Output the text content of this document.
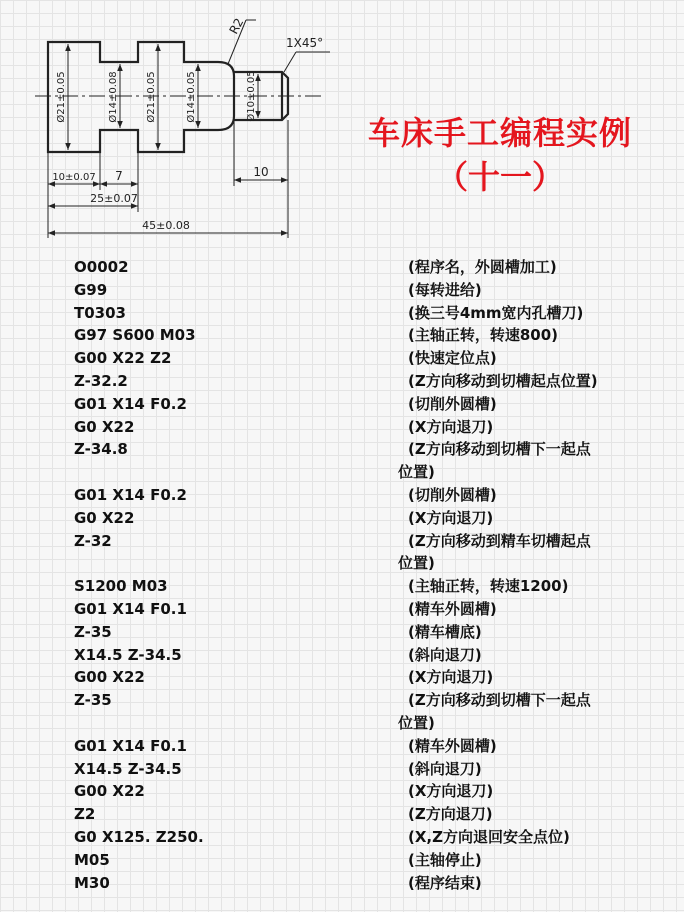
Ø21±0.05	Ø14±0.08	Ø21±0.05	Ø14±0.05	Ø10±0.05
R2
1X45°
10±0.07 7	10
25±0.07
45±0.08
车床手工编程实例
（十一）
O0002	(程序名，外圆槽加工)
G99	(每转进给)
T0303	(换三号4mm宽内孔槽刀)
G97 S600 M03	(主轴正转，转速800)
G00 X22 Z2	(快速定位点)
Z-32.2	(Z方向移动到切槽起点位置)
G01 X14 F0.2	(切削外圆槽)
G0 X22	(X方向退刀)
Z-34.8	(Z方向移动到切槽下一起点
位置)
G01 X14 F0.2	(切削外圆槽)
G0 X22	(X方向退刀)
Z-32	(Z方向移动到精车切槽起点
位置)
S1200 M03	(主轴正转，转速1200)
G01 X14 F0.1	(精车外圆槽)
Z-35	(精车槽底)
X14.5 Z-34.5	(斜向退刀)
G00 X22	(X方向退刀)
Z-35	(Z方向移动到切槽下一起点
位置)
G01 X14 F0.1	(精车外圆槽)
X14.5 Z-34.5	(斜向退刀)
G00 X22	(X方向退刀)
Z2	(Z方向退刀)
G0 X125. Z250.	(X,Z方向退回安全点位)
M05	(主轴停止)
M30	(程序结束)
